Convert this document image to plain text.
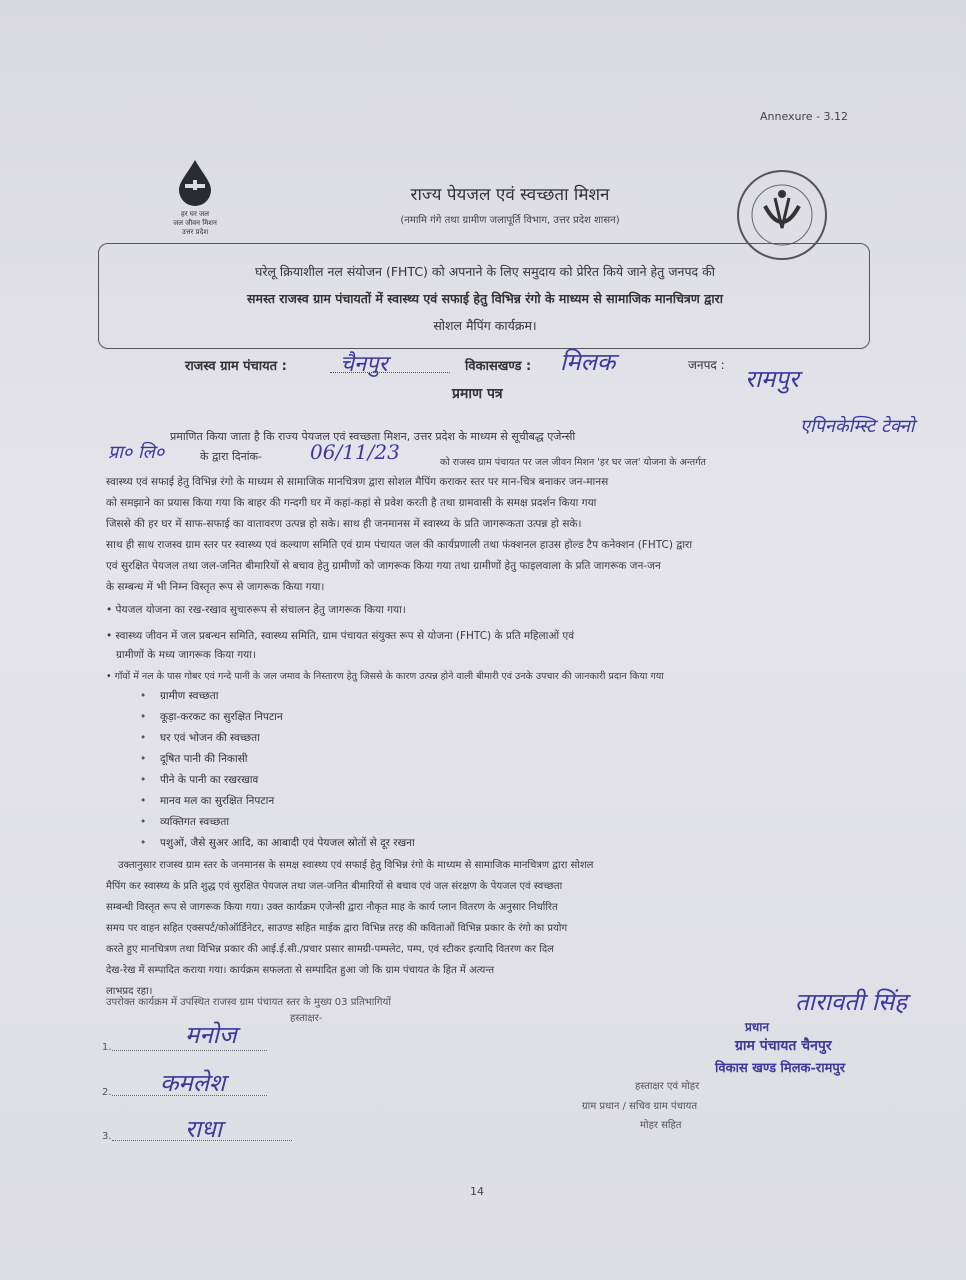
Annexure - 3.12
हर घर जल
जल जीवन मिशन
उत्तर प्रदेश
राज्य पेयजल एवं स्वच्छता मिशन
(नमामि गंगे तथा ग्रामीण जलापूर्ति विभाग, उत्तर प्रदेश शासन)
घरेलू क्रियाशील नल संयोजन (FHTC) को अपनाने के लिए समुदाय को प्रेरित किये जाने हेतु जनपद की
समस्त राजस्व ग्राम पंचायतों में स्वास्थ्य एवं सफाई हेतु विभिन्न रंगो के माध्यम से सामाजिक मानचित्रण द्वारा
सोशल मैपिंग कार्यक्रम।
राजस्व ग्राम पंचायत : चैनपुर	विकासखण्ड : मिलक	जनपद : रामपुर
प्रमाण पत्र
प्रमाणित किया जाता है कि राज्य पेयजल एवं स्वच्छता मिशन, उत्तर प्रदेश के माध्यम से सूचीबद्ध एजेन्सी	एपिनकेम्स्टि टेक्नो
प्रा० लि०	के द्वारा दिनांक-	06/11/23	को राजस्व ग्राम पंचायत पर जल जीवन मिशन 'हर घर जल' योजना के अन्तर्गत
स्वास्थ्य एवं सफाई हेतु विभिन्न रंगो के माध्यम से सामाजिक मानचित्रण द्वारा सोशल मैपिंग कराकर स्तर पर मान-चित्र बनाकर जन-मानस
को समझाने का प्रयास किया गया कि बाहर की गन्दगी घर में कहां-कहां से प्रवेश करती है तथा ग्रामवासी के समक्ष प्रदर्शन किया गया
जिससे की हर घर में साफ-सफाई का वातावरण उत्पन्न हो सके। साथ ही जनमानस में स्वास्थ्य के प्रति जागरूकता उत्पन्न हो सके।
साथ ही साथ राजस्व ग्राम स्तर पर स्वास्थ्य एवं कल्याण समिति एवं ग्राम पंचायत जल की कार्यप्रणाली तथा फंक्शनल हाउस होल्ड टैप कनेक्शन (FHTC) द्वारा
एवं सुरक्षित पेयजल तथा जल-जनित बीमारियों से बचाव हेतु ग्रामीणों को जागरूक किया गया तथा ग्रामीणों हेतु फाइलवाला के प्रति जागरूक जन-जन
के सम्बन्ध में भी निम्न विस्तृत रूप से जागरूक किया गया।
• पेयजल योजना का रख-रखाव सुचारुरूप से संचालन हेतु जागरूक किया गया।
• स्वास्थ्य जीवन में जल प्रबन्धन समिति, स्वास्थ्य समिति, ग्राम पंचायत संयुक्त रूप से योजना (FHTC) के प्रति महिलाओं एवं
ग्रामीणों के मध्य जागरूक किया गया।
• गाँवों में नल के पास गोबर एवं गन्दे पानी के जल जमाव के निस्तारण हेतु जिससे के कारण उत्पन्न होने वाली बीमारी एवं उनके उपचार की जानकारी प्रदान किया गया
• ग्रामीण स्वच्छता
• कूड़ा-करकट का सुरक्षित निपटान
• घर एवं भोजन की स्वच्छता
• दूषित पानी की निकासी
• पीने के पानी का रखरखाव
• मानव मल का सुरक्षित निपटान
• व्यक्तिगत स्वच्छता
• पशुओं, जैसे सुअर आदि, का आबादी एवं पेयजल स्रोतों से दूर रखना
उक्तानुसार राजस्व ग्राम स्तर के जनमानस के समक्ष स्वास्थ्य एवं सफाई हेतु विभिन्न रंगो के माध्यम से सामाजिक मानचित्रण द्वारा सोशल
मैपिंग कर स्वास्थ्य के प्रति शुद्ध एवं सुरक्षित पेयजल तथा जल-जनित बीमारियों से बचाव एवं जल संरक्षण के पेयजल एवं स्वच्छता
सम्बन्धी विस्तृत रूप से जागरूक किया गया। उक्त कार्यक्रम एजेन्सी द्वारा नौकृत माह के कार्य प्लान वितरण के अनुसार निर्धारित
समय पर वाहन सहित एक्सपर्ट/कोऑर्डिनेटर, साउण्ड सहित माईक द्वारा विभिन्न तरह की कविताओं विभिन्न प्रकार के रंगो का प्रयोग
करते हुए मानचित्रण तथा विभिन्न प्रकार की आई.ई.सी./प्रचार प्रसार सामग्री-पम्फ्लेट, पम्प, एवं स्टीकर इत्यादि वितरण कर दिल
देख-रेख में सम्पादित कराया गया। कार्यक्रम सफलता से सम्पादित हुआ जो कि ग्राम पंचायत के हित में अत्यन्त
लाभप्रद रहा।
उपरोक्त कार्यक्रम में उपस्थित राजस्व ग्राम पंचायत स्तर के मुख्य 03 प्रतिभागियों
हस्ताक्षर-
1.	मनोज
2. कमलेश
3.	राधा
तारावती सिंह
प्रधान
ग्राम पंचायत चैनपुर
विकास खण्ड मिलक-रामपुर
हस्ताक्षर एवं मोहर
ग्राम प्रधान / सचिव ग्राम पंचायत
मोहर सहित
14
